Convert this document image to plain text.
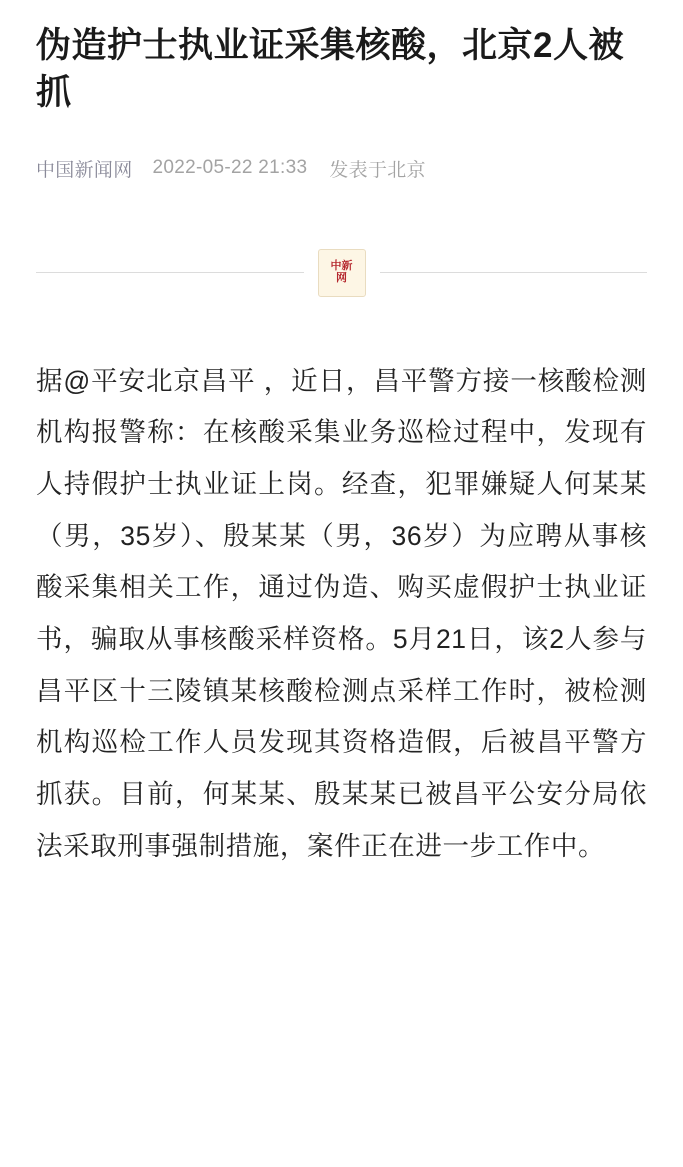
伪造护士执业证采集核酸，北京2人被抓
中国新闻网 2022-05-22 21:33 发表于北京
中新网

据@平安北京昌平 ，近日，昌平警方接一核酸检测机构报警称：在核酸采集业务巡检过程中，发现有人持假护士执业证上岗。经查，犯罪嫌疑人何某某（男，35岁）、殷某某（男，36岁）为应聘从事核酸采集相关工作，通过伪造、购买虚假护士执业证书，骗取从事核酸采样资格。5月21日，该2人参与昌平区十三陵镇某核酸检测点采样工作时，被检测机构巡检工作人员发现其资格造假，后被昌平警方抓获。目前，何某某、殷某某已被昌平公安分局依法采取刑事强制措施，案件正在进一步工作中。
